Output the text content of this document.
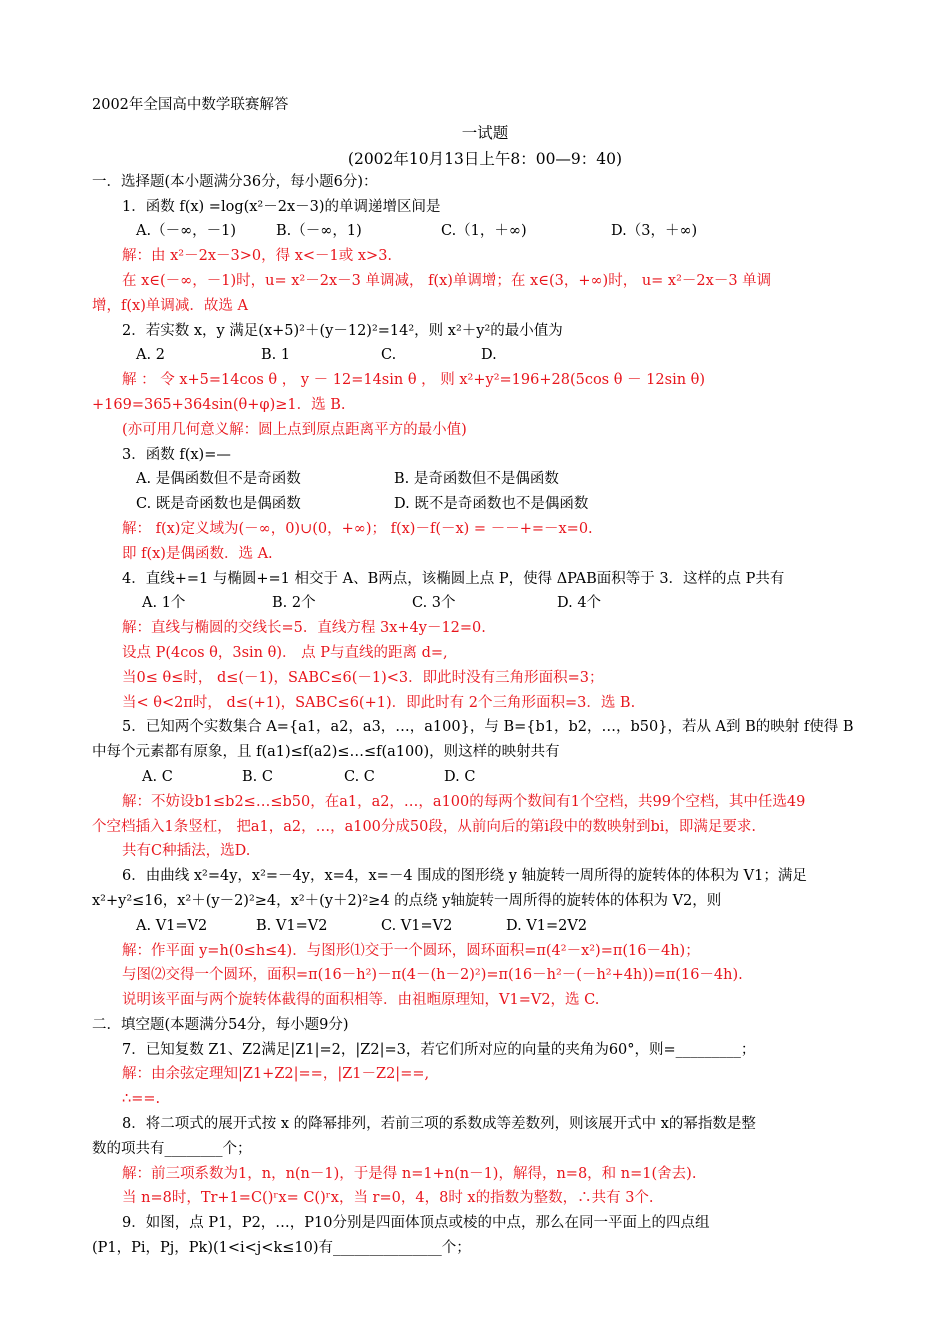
2002年全国高中数学联赛解答
一试题
(2002年10月13日上午8：00—9：40)
一．选择题(本小题满分36分，每小题6分)：
1．函数 f(x) =log(x²－2x－3)的单调递增区间是
A.（－∞，－1)	B.（－∞，1)	C.（1，＋∞)	D.（3，＋∞)
解：由 x²－2x－3>0，得 x<－1或 x>3.
在 x∈(－∞，－1)时，u= x²－2x－3 单调减， f(x)单调增；在 x∈(3，+∞)时， u= x²－2x－3 单调
增，f(x)单调减．故选 A
2．若实数 x，y 满足(x+5)²＋(y－12)²=14²，则 x²＋y²的最小值为
A. 2	B. 1	C.	D.
解 ： 令 x+5=14cos θ ， y － 12=14sin θ ， 则 x²+y²=196+28(5cos θ － 12sin θ)
+169=365+364sin(θ+φ)≥1．选 B.
(亦可用几何意义解：圆上点到原点距离平方的最小值)
3．函数 f(x)=—
A. 是偶函数但不是奇函数	B. 是奇函数但不是偶函数
C. 既是奇函数也是偶函数	D. 既不是奇函数也不是偶函数
解： f(x)定义域为(－∞，0)∪(0，+∞)； f(x)－f(－x) = －－+=－x=0.
即 f(x)是偶函数．选 A.
4．直线+=1 与椭圆+=1 相交于 A、B两点，该椭圆上点 P，使得 ΔPAB面积等于 3．这样的点 P共有
A. 1个	B. 2个	C. 3个	D. 4个
解：直线与椭圆的交线长=5．直线方程 3x+4y－12=0.
设点 P(4cos θ，3sin θ)． 点 P与直线的距离 d=,
当0≤ θ≤时， d≤(－1)，SABC≤6(－1)<3．即此时没有三角形面积=3；
当< θ<2π时， d≤(+1)，SABC≤6(+1)．即此时有 2个三角形面积=3．选 B.
5．已知两个实数集合 A={a1，a2，a3，…，a100}，与 B={b1，b2，…，b50}，若从 A到 B的映射 f使得 B
中每个元素都有原象，且 f(a1)≤f(a2)≤…≤f(a100)，则这样的映射共有
A. C	B. C	C. C	D. C
解：不妨设b1≤b2≤…≤b50，在a1，a2，…，a100的每两个数间有1个空档，共99个空档，其中任选49
个空档插入1条竖杠， 把a1，a2，…，a100分成50段，从前向后的第i段中的数映射到bi，即满足要求.
共有C种插法，选D.
6．由曲线 x²=4y，x²=－4y，x=4，x=－4 围成的图形绕 y 轴旋转一周所得的旋转体的体积为 V1；满足
x²+y²≤16，x²＋(y－2)²≥4，x²＋(y＋2)²≥4 的点绕 y轴旋转一周所得的旋转体的体积为 V2，则
A. V1=V2	B. V1=V2	C. V1=V2	D. V1=2V2
解：作平面 y=h(0≤h≤4)．与图形⑴交于一个圆环，圆环面积=π(4²－x²)=π(16－4h)；
与图⑵交得一个圆环，面积=π(16－h²)－π(4－(h－2)²)=π(16－h²－(－h²+4h))=π(16－4h).
说明该平面与两个旋转体截得的面积相等．由祖暅原理知，V1=V2，选 C.
二．填空题(本题满分54分，每小题9分)
7．已知复数 Z1、Z2满足|Z1|=2，|Z2|=3，若它们所对应的向量的夹角为60°，则=_________；
解：由余弦定理知|Z1+Z2|==，|Z1－Z2|==,
∴==.
8．将二项式的展开式按 x 的降幂排列，若前三项的系数成等差数列，则该展开式中 x的幂指数是整
数的项共有________个；
解：前三项系数为1，n，n(n－1)，于是得 n=1+n(n－1)，解得，n=8，和 n=1(舍去).
当 n=8时，Tr+1=C()ʳx= C()ʳx，当 r=0，4，8时 x的指数为整数，∴共有 3个.
9．如图，点 P1，P2，…，P10分别是四面体顶点或棱的中点，那么在同一平面上的四点组
(P1，Pi，Pj，Pk)(1<i<j<k≤10)有_______________个；
